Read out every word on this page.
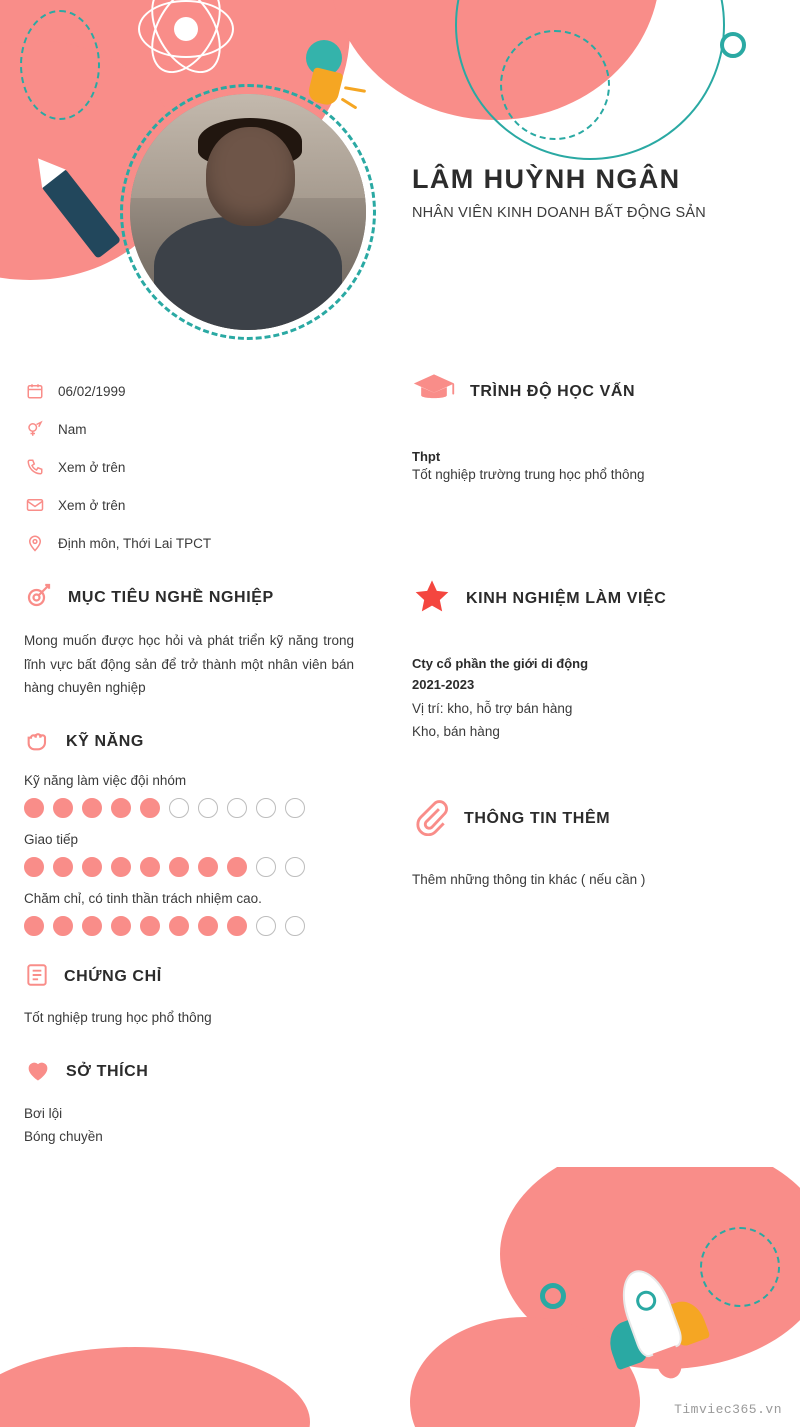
LÂM HUỲNH NGÂN

NHÂN VIÊN KINH DOANH BẤT ĐỘNG SẢN

06/02/1999
Nam
Xem ở trên
Xem ở trên
Định môn, Thới Lai TPCT
MỤC TIÊU NGHỀ NGHIỆP
Mong muốn được học hỏi và phát triển kỹ năng trong lĩnh vực bất động sản để trở thành một nhân viên bán hàng chuyên nghiệp
KỸ NĂNG
Kỹ năng làm việc đội nhóm
Giao tiếp
Chăm chỉ, có tinh thần trách nhiệm cao.
CHỨNG CHỈ
Tốt nghiệp trung học phổ thông
SỞ THÍCH
Bơi lội
Bóng chuyền
TRÌNH ĐỘ HỌC VẤN
Thpt
Tốt nghiệp trường trung học phổ thông
KINH NGHIỆM LÀM VIỆC
Cty cổ phần the giới di động
2021-2023
Vị trí: kho, hỗ trợ bán hàng
Kho, bán hàng
THÔNG TIN THÊM
Thêm những thông tin khác ( nếu cần )
Timviec365.vn
